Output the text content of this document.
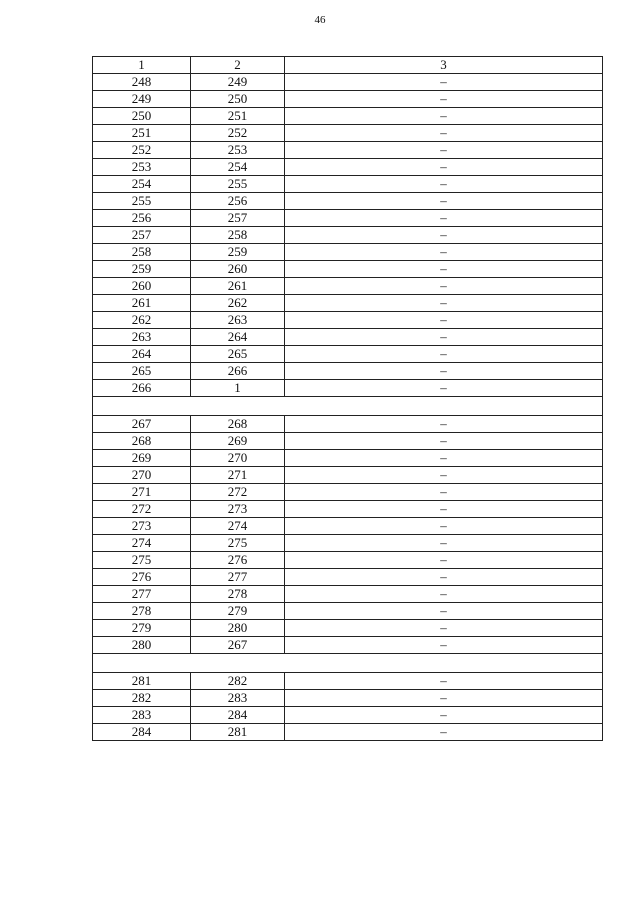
46
1	2	3
248	249	–
249	250	–
250	251	–
251	252	–
252	253	–
253	254	–
254	255	–
255	256	–
256	257	–
257	258	–
258	259	–
259	260	–
260	261	–
261	262	–
262	263	–
263	264	–
264	265	–
265	266	–
266	1	–

267	268	–
268	269	–
269	270	–
270	271	–
271	272	–
272	273	–
273	274	–
274	275	–
275	276	–
276	277	–
277	278	–
278	279	–
279	280	–
280	267	–

281	282	–
282	283	–
283	284	–
284	281	–
